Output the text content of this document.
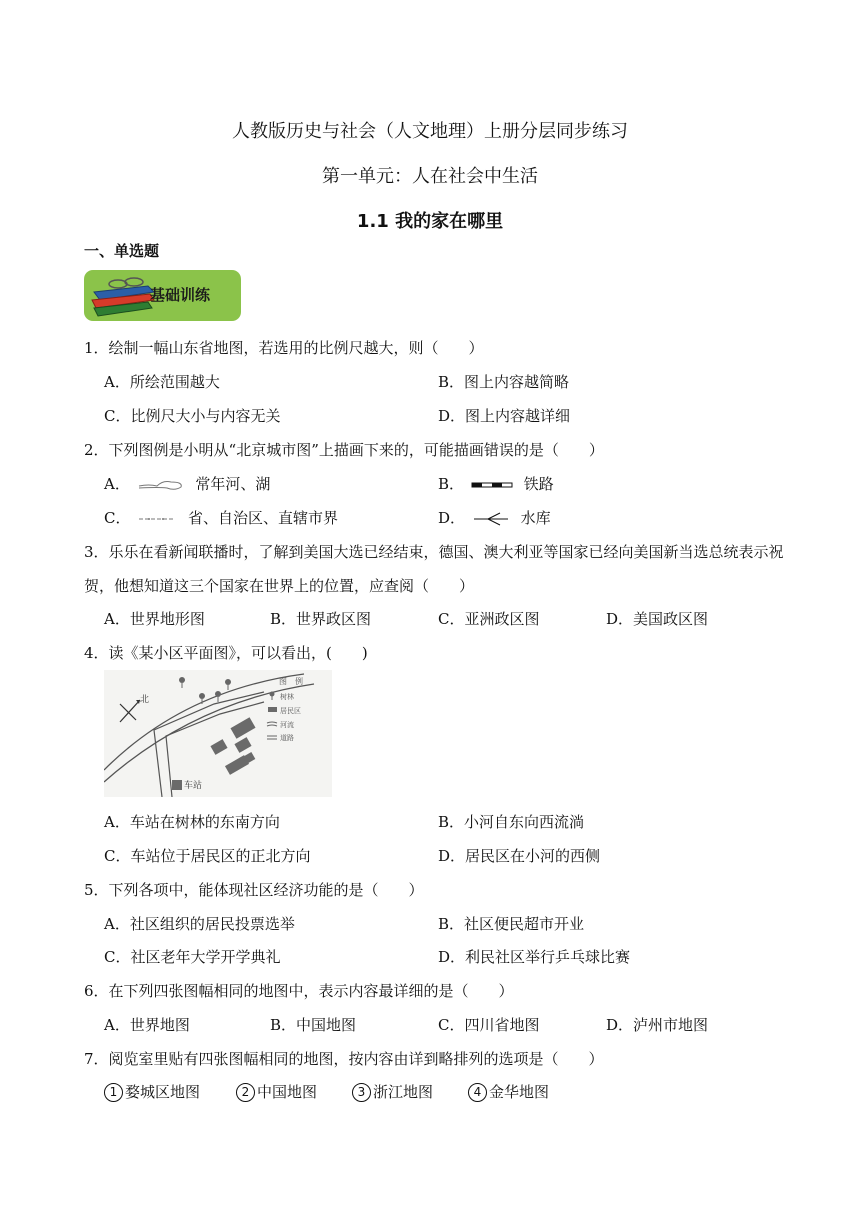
人教版历史与社会（人文地理）上册分层同步练习
第一单元：人在社会中生活
1.1 我的家在哪里
一、单选题
基础训练
1．绘制一幅山东省地图，若选用的比例尺越大，则（　　）
A．所绘范围越大	B．图上内容越简略
C．比例尺大小与内容无关	D．图上内容越详细
2．下列图例是小明从“北京城市图”上描画下来的，可能描画错误的是（　　）
A．	常年河、湖	B．	铁路
C．	省、自治区、直辖市界	D．	水库
3．乐乐在看新闻联播时，了解到美国大选已经结束，德国、澳大利亚等国家已经向美国新当选总统表示祝贺，他想知道这三个国家在世界上的位置，应查阅（　　）
A．世界地形图	B．世界政区图	C．亚洲政区图	D．美国政区图
4．读《某小区平面图》，可以看出，(　　)
车站
北
图　例
树林
居民区
河流
道路
A．车站在树林的东南方向	B．小河自东向西流淌
C．车站位于居民区的正北方向	D．居民区在小河的西侧
5．下列各项中，能体现社区经济功能的是（　　）
A．社区组织的居民投票选举	B．社区便民超市开业
C．社区老年大学开学典礼	D．利民社区举行乒乓球比赛
6．在下列四张图幅相同的地图中，表示内容最详细的是（　　）
A．世界地图	B．中国地图	C．四川省地图	D．泸州市地图
7．阅览室里贴有四张图幅相同的地图，按内容由详到略排列的选项是（　　）
1 婺城区地图	2 中国地图	3 浙江地图	4 金华地图
